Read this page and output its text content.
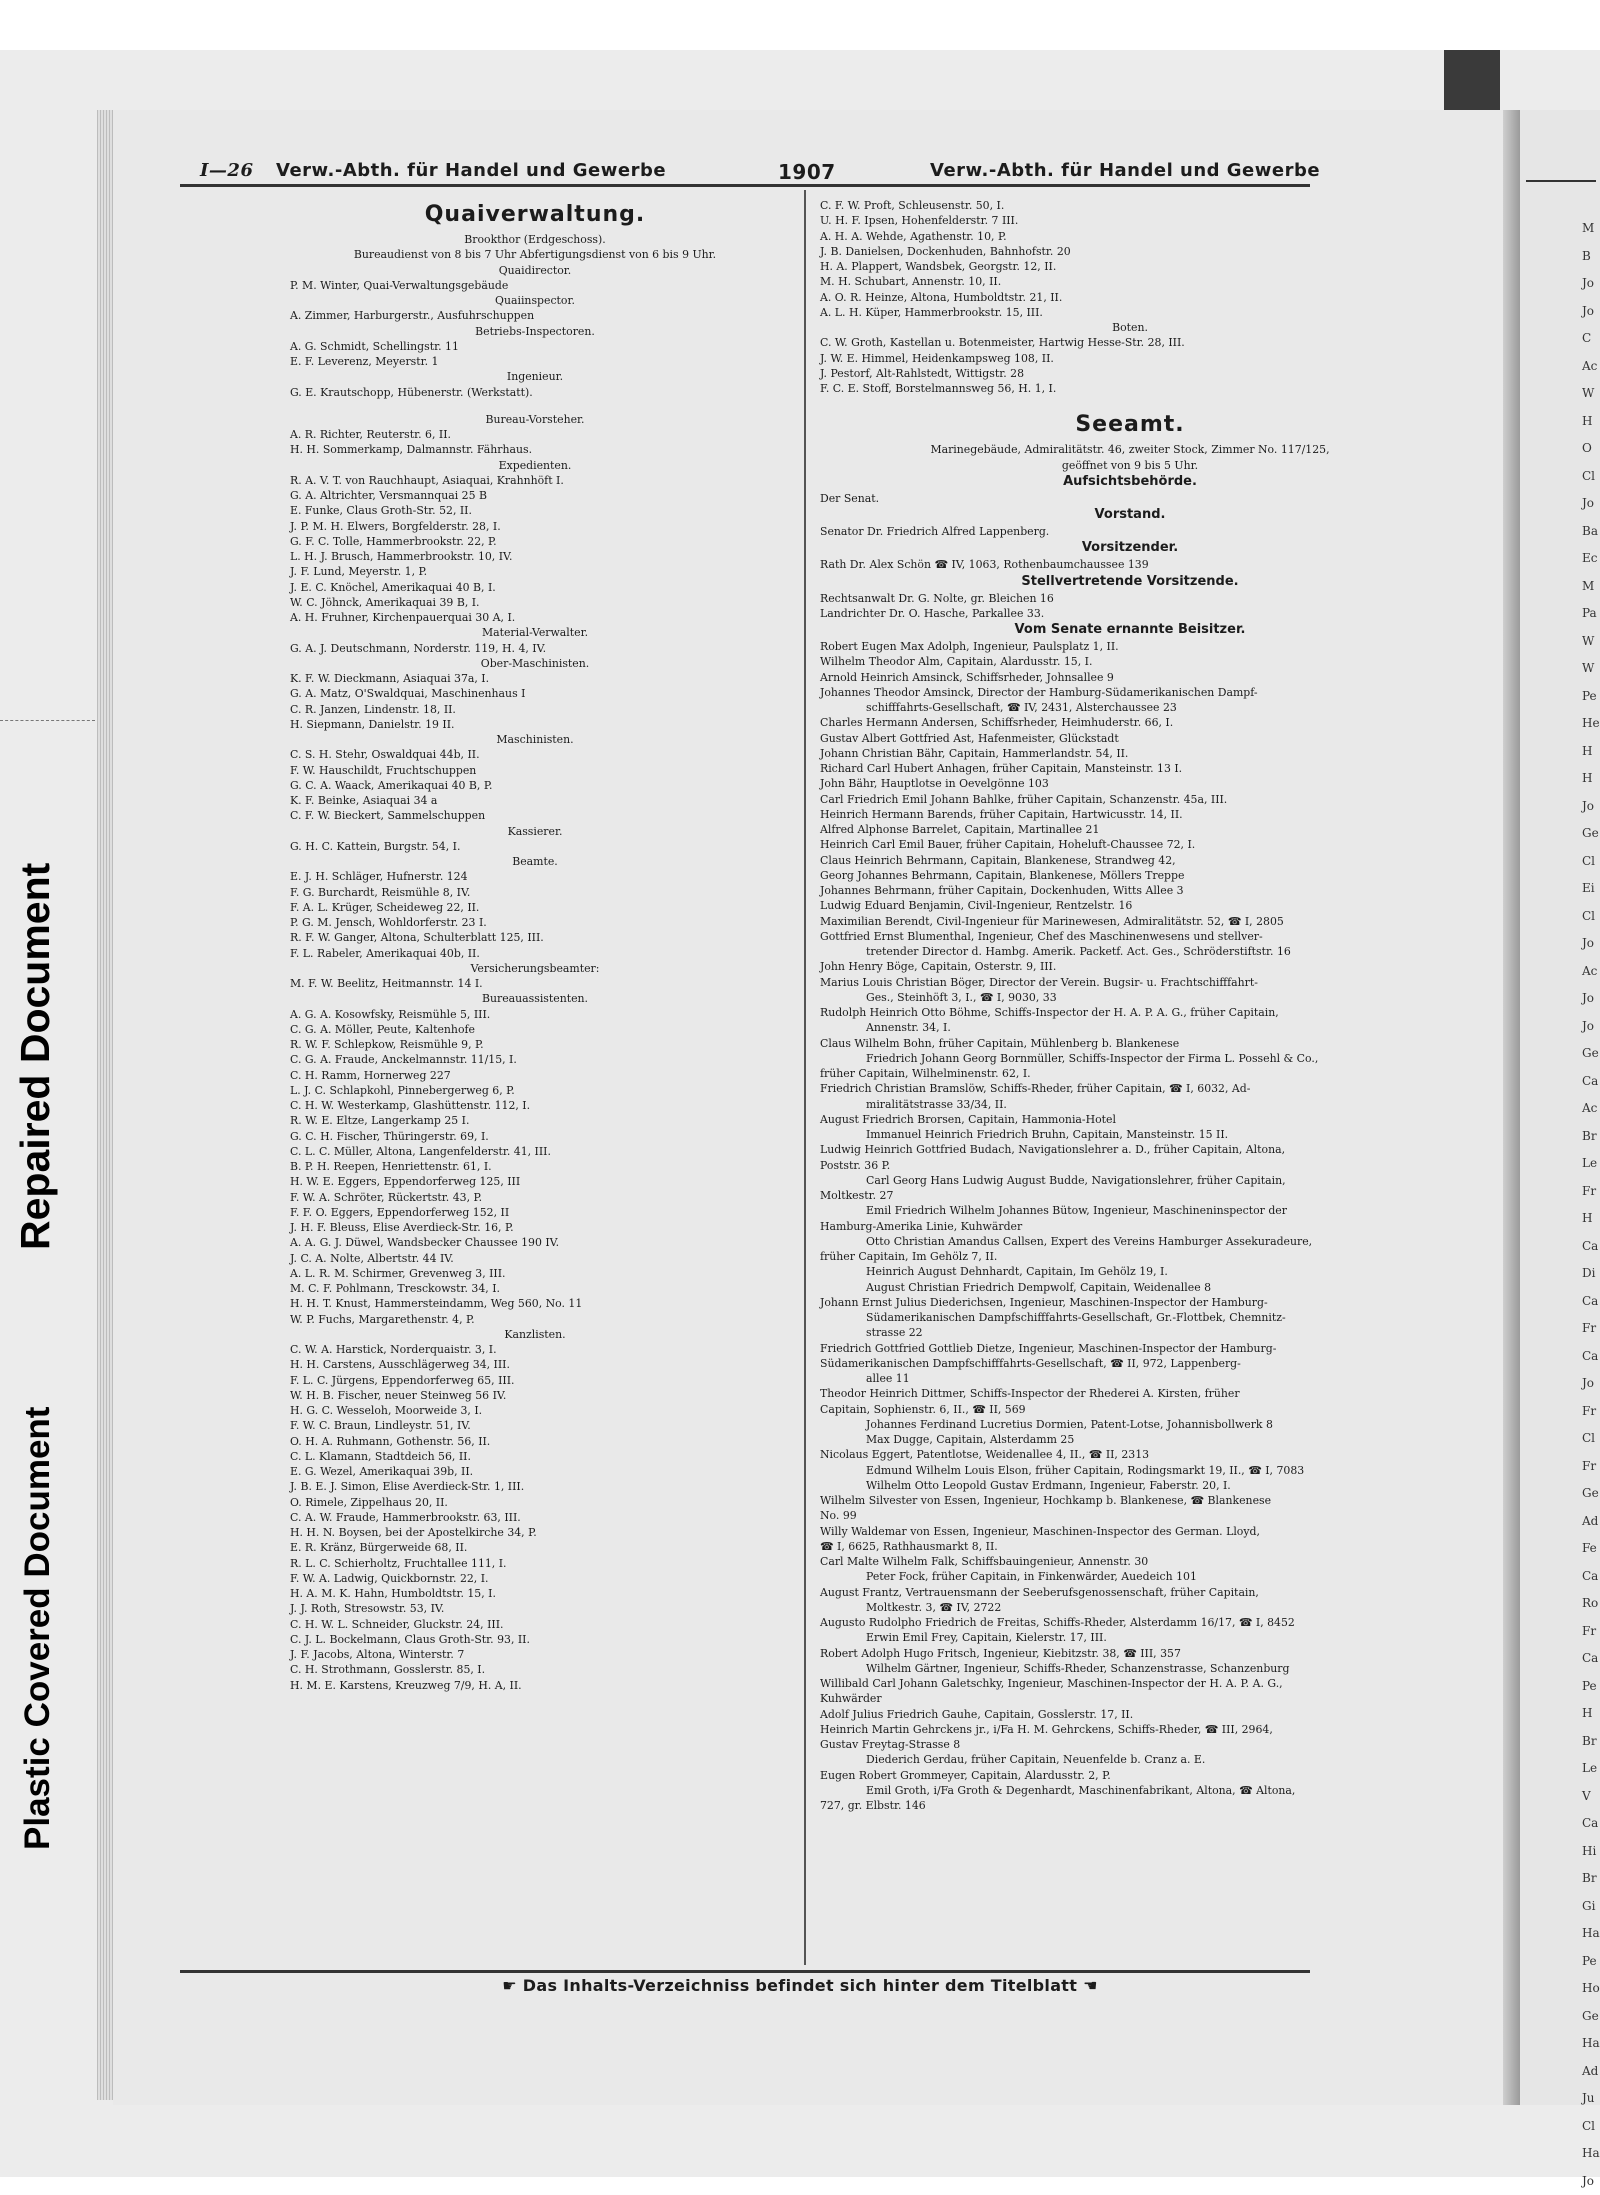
Repaired Document
Plastic Covered Document
M
B
Jo
Jo
C
Ac
W
H
O
Cl
Jo
Ba
Ec
M
Pa
W
W
Pe
He
H
H
Jo
Ge
Cl
Ei
Cl
Jo
Ac
Jo
Jo
Ge
Ca
Ac
Br
Le
Fr
H
Ca
Di
Ca
Fr
Ca
Jo
Fr
Cl
Fr
Ge
Ad
Fe
Ca
Ro
Fr
Ca
Pe
H
Br
Le
V
Ca
Hi
Br
Gi
Ha
Pe
Ho
Ge
Ha
Ad
Ju
Cl
Ha
Jo
I—26 Verw.-Abth. für Handel und Gewerbe	1907	Verw.-Abth. für Handel und Gewerbe
Quaiverwaltung.
Brookthor (Erdgeschoss).
Bureaudienst von 8 bis 7 Uhr Abfertigungsdienst von 6 bis 9 Uhr.
Quaidirector.
P. M. Winter, Quai-Verwaltungsgebäude
Quaiinspector.
A. Zimmer, Harburgerstr., Ausfuhrschuppen
Betriebs-Inspectoren.
A. G. Schmidt, Schellingstr. 11
E. F. Leverenz, Meyerstr. 1
Ingenieur.
G. E. Krautschopp, Hübenerstr. (Werkstatt).
Bureau-Vorsteher.
A. R. Richter, Reuterstr. 6, II.
H. H. Sommerkamp, Dalmannstr. Fährhaus.
Expedienten.
R. A. V. T. von Rauchhaupt, Asiaquai, Krahnhöft I.
G. A. Altrichter, Versmannquai 25 B
E. Funke, Claus Groth-Str. 52, II.
J. P. M. H. Elwers, Borgfelderstr. 28, I.
G. F. C. Tolle, Hammerbrookstr. 22, P.
L. H. J. Brusch, Hammerbrookstr. 10, IV.
J. F. Lund, Meyerstr. 1, P.
J. E. C. Knöchel, Amerikaquai 40 B, I.
W. C. Jöhnck, Amerikaquai 39 B, I.
A. H. Fruhner, Kirchenpauerquai 30 A, I.
Material-Verwalter.
G. A. J. Deutschmann, Norderstr. 119, H. 4, IV.
Ober-Maschinisten.
K. F. W. Dieckmann, Asiaquai 37a, I.
G. A. Matz, O'Swaldquai, Maschinenhaus I
C. R. Janzen, Lindenstr. 18, II.
H. Siepmann, Danielstr. 19 II.
Maschinisten.
C. S. H. Stehr, Oswaldquai 44b, II.
F. W. Hauschildt, Fruchtschuppen
G. C. A. Waack, Amerikaquai 40 B, P.
K. F. Beinke, Asiaquai 34 a
C. F. W. Bieckert, Sammelschuppen
Kassierer.
G. H. C. Kattein, Burgstr. 54, I.
Beamte.
E. J. H. Schläger, Hufnerstr. 124
F. G. Burchardt, Reismühle 8, IV.
F. A. L. Krüger, Scheideweg 22, II.
P. G. M. Jensch, Wohldorferstr. 23 I.
R. F. W. Ganger, Altona, Schulterblatt 125, III.
F. L. Rabeler, Amerikaquai 40b, II.
Versicherungsbeamter:
M. F. W. Beelitz, Heitmannstr. 14 I.
Bureauassistenten.
A. G. A. Kosowfsky, Reismühle 5, III.
C. G. A. Möller, Peute, Kaltenhofe
R. W. F. Schlepkow, Reismühle 9, P.
C. G. A. Fraude, Anckelmannstr. 11/15, I.
C. H. Ramm, Hornerweg 227
L. J. C. Schlapkohl, Pinnebergerweg 6, P.
C. H. W. Westerkamp, Glashüttenstr. 112, I.
R. W. E. Eltze, Langerkamp 25 I.
G. C. H. Fischer, Thüringerstr. 69, I.
C. L. C. Müller, Altona, Langenfelderstr. 41, III.
B. P. H. Reepen, Henriettenstr. 61, I.
H. W. E. Eggers, Eppendorferweg 125, III
F. W. A. Schröter, Rückertstr. 43, P.
F. F. O. Eggers, Eppendorferweg 152, II
J. H. F. Bleuss, Elise Averdieck-Str. 16, P.
A. A. G. J. Düwel, Wandsbecker Chaussee 190 IV.
J. C. A. Nolte, Albertstr. 44 IV.
A. L. R. M. Schirmer, Grevenweg 3, III.
M. C. F. Pohlmann, Tresckowstr. 34, I.
H. H. T. Knust, Hammersteindamm, Weg 560, No. 11
W. P. Fuchs, Margarethenstr. 4, P.
Kanzlisten.
C. W. A. Harstick, Norderquaistr. 3, I.
H. H. Carstens, Ausschlägerweg 34, III.
F. L. C. Jürgens, Eppendorferweg 65, III.
W. H. B. Fischer, neuer Steinweg 56 IV.
H. G. C. Wesseloh, Moorweide 3, I.
F. W. C. Braun, Lindleystr. 51, IV.
O. H. A. Ruhmann, Gothenstr. 56, II.
C. L. Klamann, Stadtdeich 56, II.
E. G. Wezel, Amerikaquai 39b, II.
J. B. E. J. Simon, Elise Averdieck-Str. 1, III.
O. Rimele, Zippelhaus 20, II.
C. A. W. Fraude, Hammerbrookstr. 63, III.
H. H. N. Boysen, bei der Apostelkirche 34, P.
E. R. Kränz, Bürgerweide 68, II.
R. L. C. Schierholtz, Fruchtallee 111, I.
F. W. A. Ladwig, Quickbornstr. 22, I.
H. A. M. K. Hahn, Humboldtstr. 15, I.
J. J. Roth, Stresowstr. 53, IV.
C. H. W. L. Schneider, Gluckstr. 24, III.
C. J. L. Bockelmann, Claus Groth-Str. 93, II.
J. F. Jacobs, Altona, Winterstr. 7
C. H. Strothmann, Gosslerstr. 85, I.
H. M. E. Karstens, Kreuzweg 7/9, H. A, II.
C. F. W. Proft, Schleusenstr. 50, I.
U. H. F. Ipsen, Hohenfelderstr. 7 III.
A. H. A. Wehde, Agathenstr. 10, P.
J. B. Danielsen, Dockenhuden, Bahnhofstr. 20
H. A. Plappert, Wandsbek, Georgstr. 12, II.
M. H. Schubart, Annenstr. 10, II.
A. O. R. Heinze, Altona, Humboldtstr. 21, II.
A. L. H. Küper, Hammerbrookstr. 15, III.
Boten.
C. W. Groth, Kastellan u. Botenmeister, Hartwig Hesse-Str. 28, III.
J. W. E. Himmel, Heidenkampsweg 108, II.
J. Pestorf, Alt-Rahlstedt, Wittigstr. 28
F. C. E. Stoff, Borstelmannsweg 56, H. 1, I.
Seeamt.
Marinegebäude, Admiralitätstr. 46, zweiter Stock, Zimmer No. 117/125,
geöffnet von 9 bis 5 Uhr.
Aufsichtsbehörde.
Der Senat.
Vorstand.
Senator Dr. Friedrich Alfred Lappenberg.
Vorsitzender.
Rath Dr. Alex Schön ☎ IV, 1063, Rothenbaumchaussee 139
Stellvertretende Vorsitzende.
Rechtsanwalt Dr. G. Nolte, gr. Bleichen 16
Landrichter Dr. O. Hasche, Parkallee 33.
Vom Senate ernannte Beisitzer.
Robert Eugen Max Adolph, Ingenieur, Paulsplatz 1, II.
Wilhelm Theodor Alm, Capitain, Alardusstr. 15, I.
Arnold Heinrich Amsinck, Schiffsrheder, Johnsallee 9
Johannes Theodor Amsinck, Director der Hamburg-Südamerikanischen Dampf-
schifffahrts-Gesellschaft, ☎ IV, 2431, Alsterchaussee 23
Charles Hermann Andersen, Schiffsrheder, Heimhuderstr. 66, I.
Gustav Albert Gottfried Ast, Hafenmeister, Glückstadt
Johann Christian Bähr, Capitain, Hammerlandstr. 54, II.
Richard Carl Hubert Anhagen, früher Capitain, Mansteinstr. 13 I.
John Bähr, Hauptlotse in Oevelgönne 103
Carl Friedrich Emil Johann Bahlke, früher Capitain, Schanzenstr. 45a, III.
Heinrich Hermann Barends, früher Capitain, Hartwicusstr. 14, II.
Alfred Alphonse Barrelet, Capitain, Martinallee 21
Heinrich Carl Emil Bauer, früher Capitain, Hoheluft-Chaussee 72, I.
Claus Heinrich Behrmann, Capitain, Blankenese, Strandweg 42,
Georg Johannes Behrmann, Capitain, Blankenese, Möllers Treppe
Johannes Behrmann, früher Capitain, Dockenhuden, Witts Allee 3
Ludwig Eduard Benjamin, Civil-Ingenieur, Rentzelstr. 16
Maximilian Berendt, Civil-Ingenieur für Marinewesen, Admiralitätstr. 52, ☎ I, 2805
Gottfried Ernst Blumenthal, Ingenieur, Chef des Maschinenwesens und stellver-
tretender Director d. Hambg. Amerik. Packetf. Act. Ges., Schröderstiftstr. 16
John Henry Böge, Capitain, Osterstr. 9, III.
Marius Louis Christian Böger, Director der Verein. Bugsir- u. Frachtschifffahrt-
Ges., Steinhöft 3, I., ☎ I, 9030, 33
Rudolph Heinrich Otto Böhme, Schiffs-Inspector der H. A. P. A. G., früher Capitain,
Annenstr. 34, I.
Claus Wilhelm Bohn, früher Capitain, Mühlenberg b. Blankenese
Friedrich Johann Georg Bornmüller, Schiffs-Inspector der Firma L. Possehl & Co.,
früher Capitain, Wilhelminenstr. 62, I.
Friedrich Christian Bramslöw, Schiffs-Rheder, früher Capitain, ☎ I, 6032, Ad-
miralitätstrasse 33/34, II.
August Friedrich Brorsen, Capitain, Hammonia-Hotel
Immanuel Heinrich Friedrich Bruhn, Capitain, Mansteinstr. 15 II.
Ludwig Heinrich Gottfried Budach, Navigationslehrer a. D., früher Capitain, Altona,
Poststr. 36 P.
Carl Georg Hans Ludwig August Budde, Navigationslehrer, früher Capitain,
Moltkestr. 27
Emil Friedrich Wilhelm Johannes Bütow, Ingenieur, Maschineninspector der
Hamburg-Amerika Linie, Kuhwärder
Otto Christian Amandus Callsen, Expert des Vereins Hamburger Assekuradeure,
früher Capitain, Im Gehölz 7, II.
Heinrich August Dehnhardt, Capitain, Im Gehölz 19, I.
August Christian Friedrich Dempwolf, Capitain, Weidenallee 8
Johann Ernst Julius Diederichsen, Ingenieur, Maschinen-Inspector der Hamburg-
Südamerikanischen Dampfschifffahrts-Gesellschaft, Gr.-Flottbek, Chemnitz-
strasse 22
Friedrich Gottfried Gottlieb Dietze, Ingenieur, Maschinen-Inspector der Hamburg-
Südamerikanischen Dampfschifffahrts-Gesellschaft, ☎ II, 972, Lappenberg-
allee 11
Theodor Heinrich Dittmer, Schiffs-Inspector der Rhederei A. Kirsten, früher
Capitain, Sophienstr. 6, II., ☎ II, 569
Johannes Ferdinand Lucretius Dormien, Patent-Lotse, Johannisbollwerk 8
Max Dugge, Capitain, Alsterdamm 25
Nicolaus Eggert, Patentlotse, Weidenallee 4, II., ☎ II, 2313
Edmund Wilhelm Louis Elson, früher Capitain, Rodingsmarkt 19, II., ☎ I, 7083
Wilhelm Otto Leopold Gustav Erdmann, Ingenieur, Faberstr. 20, I.
Wilhelm Silvester von Essen, Ingenieur, Hochkamp b. Blankenese, ☎ Blankenese
No. 99
Willy Waldemar von Essen, Ingenieur, Maschinen-Inspector des German. Lloyd,
☎ I, 6625, Rathhausmarkt 8, II.
Carl Malte Wilhelm Falk, Schiffsbauingenieur, Annenstr. 30
Peter Fock, früher Capitain, in Finkenwärder, Auedeich 101
August Frantz, Vertrauensmann der Seeberufsgenossenschaft, früher Capitain,
Moltkestr. 3, ☎ IV, 2722
Augusto Rudolpho Friedrich de Freitas, Schiffs-Rheder, Alsterdamm 16/17, ☎ I, 8452
Erwin Emil Frey, Capitain, Kielerstr. 17, III.
Robert Adolph Hugo Fritsch, Ingenieur, Kiebitzstr. 38, ☎ III, 357
Wilhelm Gärtner, Ingenieur, Schiffs-Rheder, Schanzenstrasse, Schanzenburg
Willibald Carl Johann Galetschky, Ingenieur, Maschinen-Inspector der H. A. P. A. G.,
Kuhwärder
Adolf Julius Friedrich Gauhe, Capitain, Gosslerstr. 17, II.
Heinrich Martin Gehrckens jr., i/Fa H. M. Gehrckens, Schiffs-Rheder, ☎ III, 2964,
Gustav Freytag-Strasse 8
Diederich Gerdau, früher Capitain, Neuenfelde b. Cranz a. E.
Eugen Robert Grommeyer, Capitain, Alardusstr. 2, P.
Emil Groth, i/Fa Groth & Degenhardt, Maschinenfabrikant, Altona, ☎ Altona,
727, gr. Elbstr. 146
☛ Das Inhalts-Verzeichniss befindet sich hinter dem Titelblatt ☚
